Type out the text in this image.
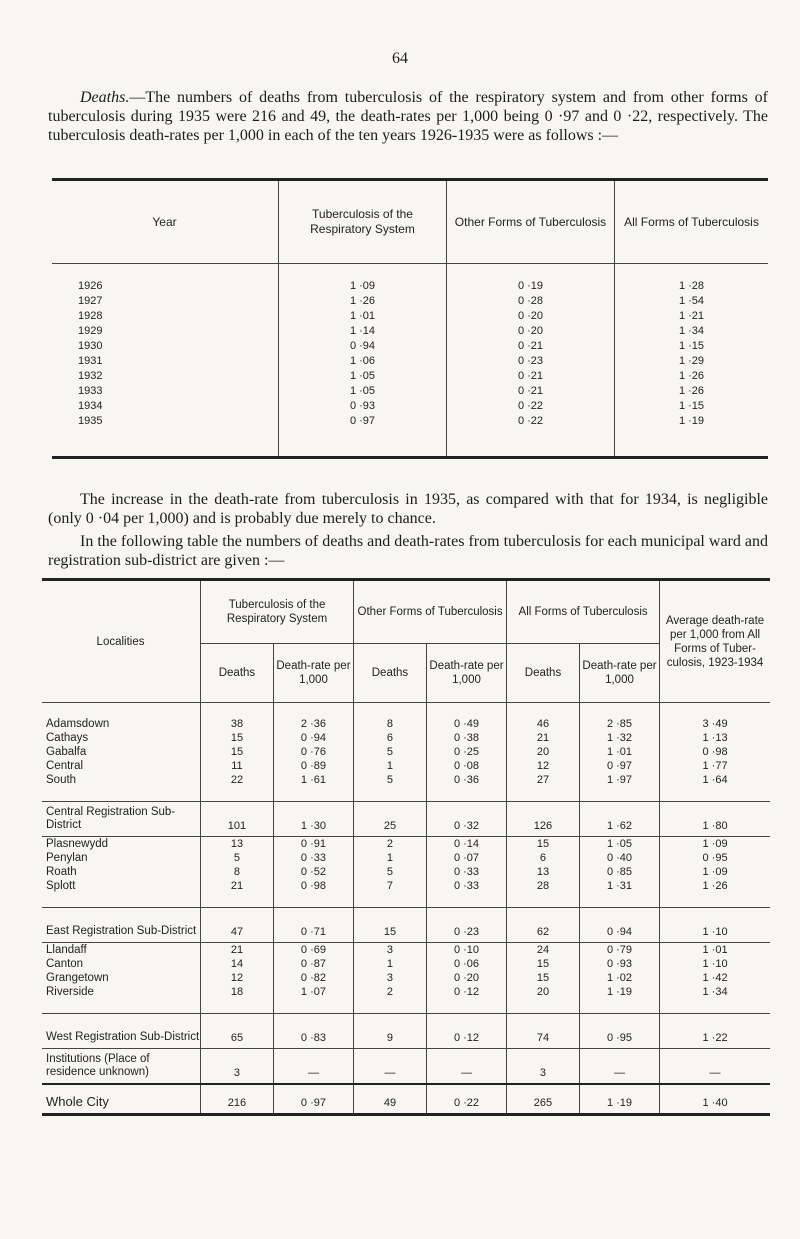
64
Deaths.—The numbers of deaths from tuberculosis of the respiratory system and from other forms of tuberculosis during 1935 were 216 and 49, the death-rates per 1,000 being 0 ·97 and 0 ·22, respectively. The tuberculosis death-rates per 1,000 in each of the ten years 1926-1935 were as follows :—
Year	Tuberculosis of the Respiratory System	Other Forms of Tuberculosis	All Forms of Tuberculosis
1926	1 ·09	0 ·19	1 ·28
1927	1 ·26	0 ·28	1 ·54
1928	1 ·01	0 ·20	1 ·21
1929	1 ·14	0 ·20	1 ·34
1930	0 ·94	0 ·21	1 ·15
1931	1 ·06	0 ·23	1 ·29
1932	1 ·05	0 ·21	1 ·26
1933	1 ·05	0 ·21	1 ·26
1934	0 ·93	0 ·22	1 ·15
1935	0 ·97	0 ·22	1 ·19
The increase in the death-rate from tuberculosis in 1935, as compared with that for 1934, is negligible (only 0 ·04 per 1,000) and is probably due merely to chance.
In the following table the numbers of deaths and death-rates from tuberculosis for each municipal ward and registration sub-district are given :—
Localities	Tuberculosis of the Respiratory System		Other Forms of Tuberculosis		All Forms of Tuberculosis		Average death-rate per 1,000 from All Forms of Tuber-culosis, 1923-1934
	Deaths	Death-rate per 1,000	Deaths	Death-rate per 1,000	Deaths	Death-rate per 1,000	

Adamsdown	38	2 ·36	8	0 ·49	46	2 ·85	3 ·49
Cathays	15	0 ·94	6	0 ·38	21	1 ·32	1 ·13
Gabalfa	15	0 ·76	5	0 ·25	20	1 ·01	0 ·98
Central	11	0 ·89	1	0 ·08	12	0 ·97	1 ·77
South	22	1 ·61	5	0 ·36	27	1 ·97	1 ·64

Central Registration Sub-District	101	1 ·30	25	0 ·32	126	1 ·62	1 ·80
Plasnewydd	13	0 ·91	2	0 ·14	15	1 ·05	1 ·09
Penylan	5	0 ·33	1	0 ·07	6	0 ·40	0 ·95
Roath	8	0 ·52	5	0 ·33	13	0 ·85	1 ·09
Splott	21	0 ·98	7	0 ·33	28	1 ·31	1 ·26

East Registration Sub-District	47	0 ·71	15	0 ·23	62	0 ·94	1 ·10
Llandaff	21	0 ·69	3	0 ·10	24	0 ·79	1 ·01
Canton	14	0 ·87	1	0 ·06	15	0 ·93	1 ·10
Grangetown	12	0 ·82	3	0 ·20	15	1 ·02	1 ·42
Riverside	18	1 ·07	2	0 ·12	20	1 ·19	1 ·34

West Registration Sub-District	65	0 ·83	9	0 ·12	74	0 ·95	1 ·22
Institutions (Place of residence unknown)	3	—	—	—	3	—	—
Whole City	216	0 ·97	49	0 ·22	265	1 ·19	1 ·40
